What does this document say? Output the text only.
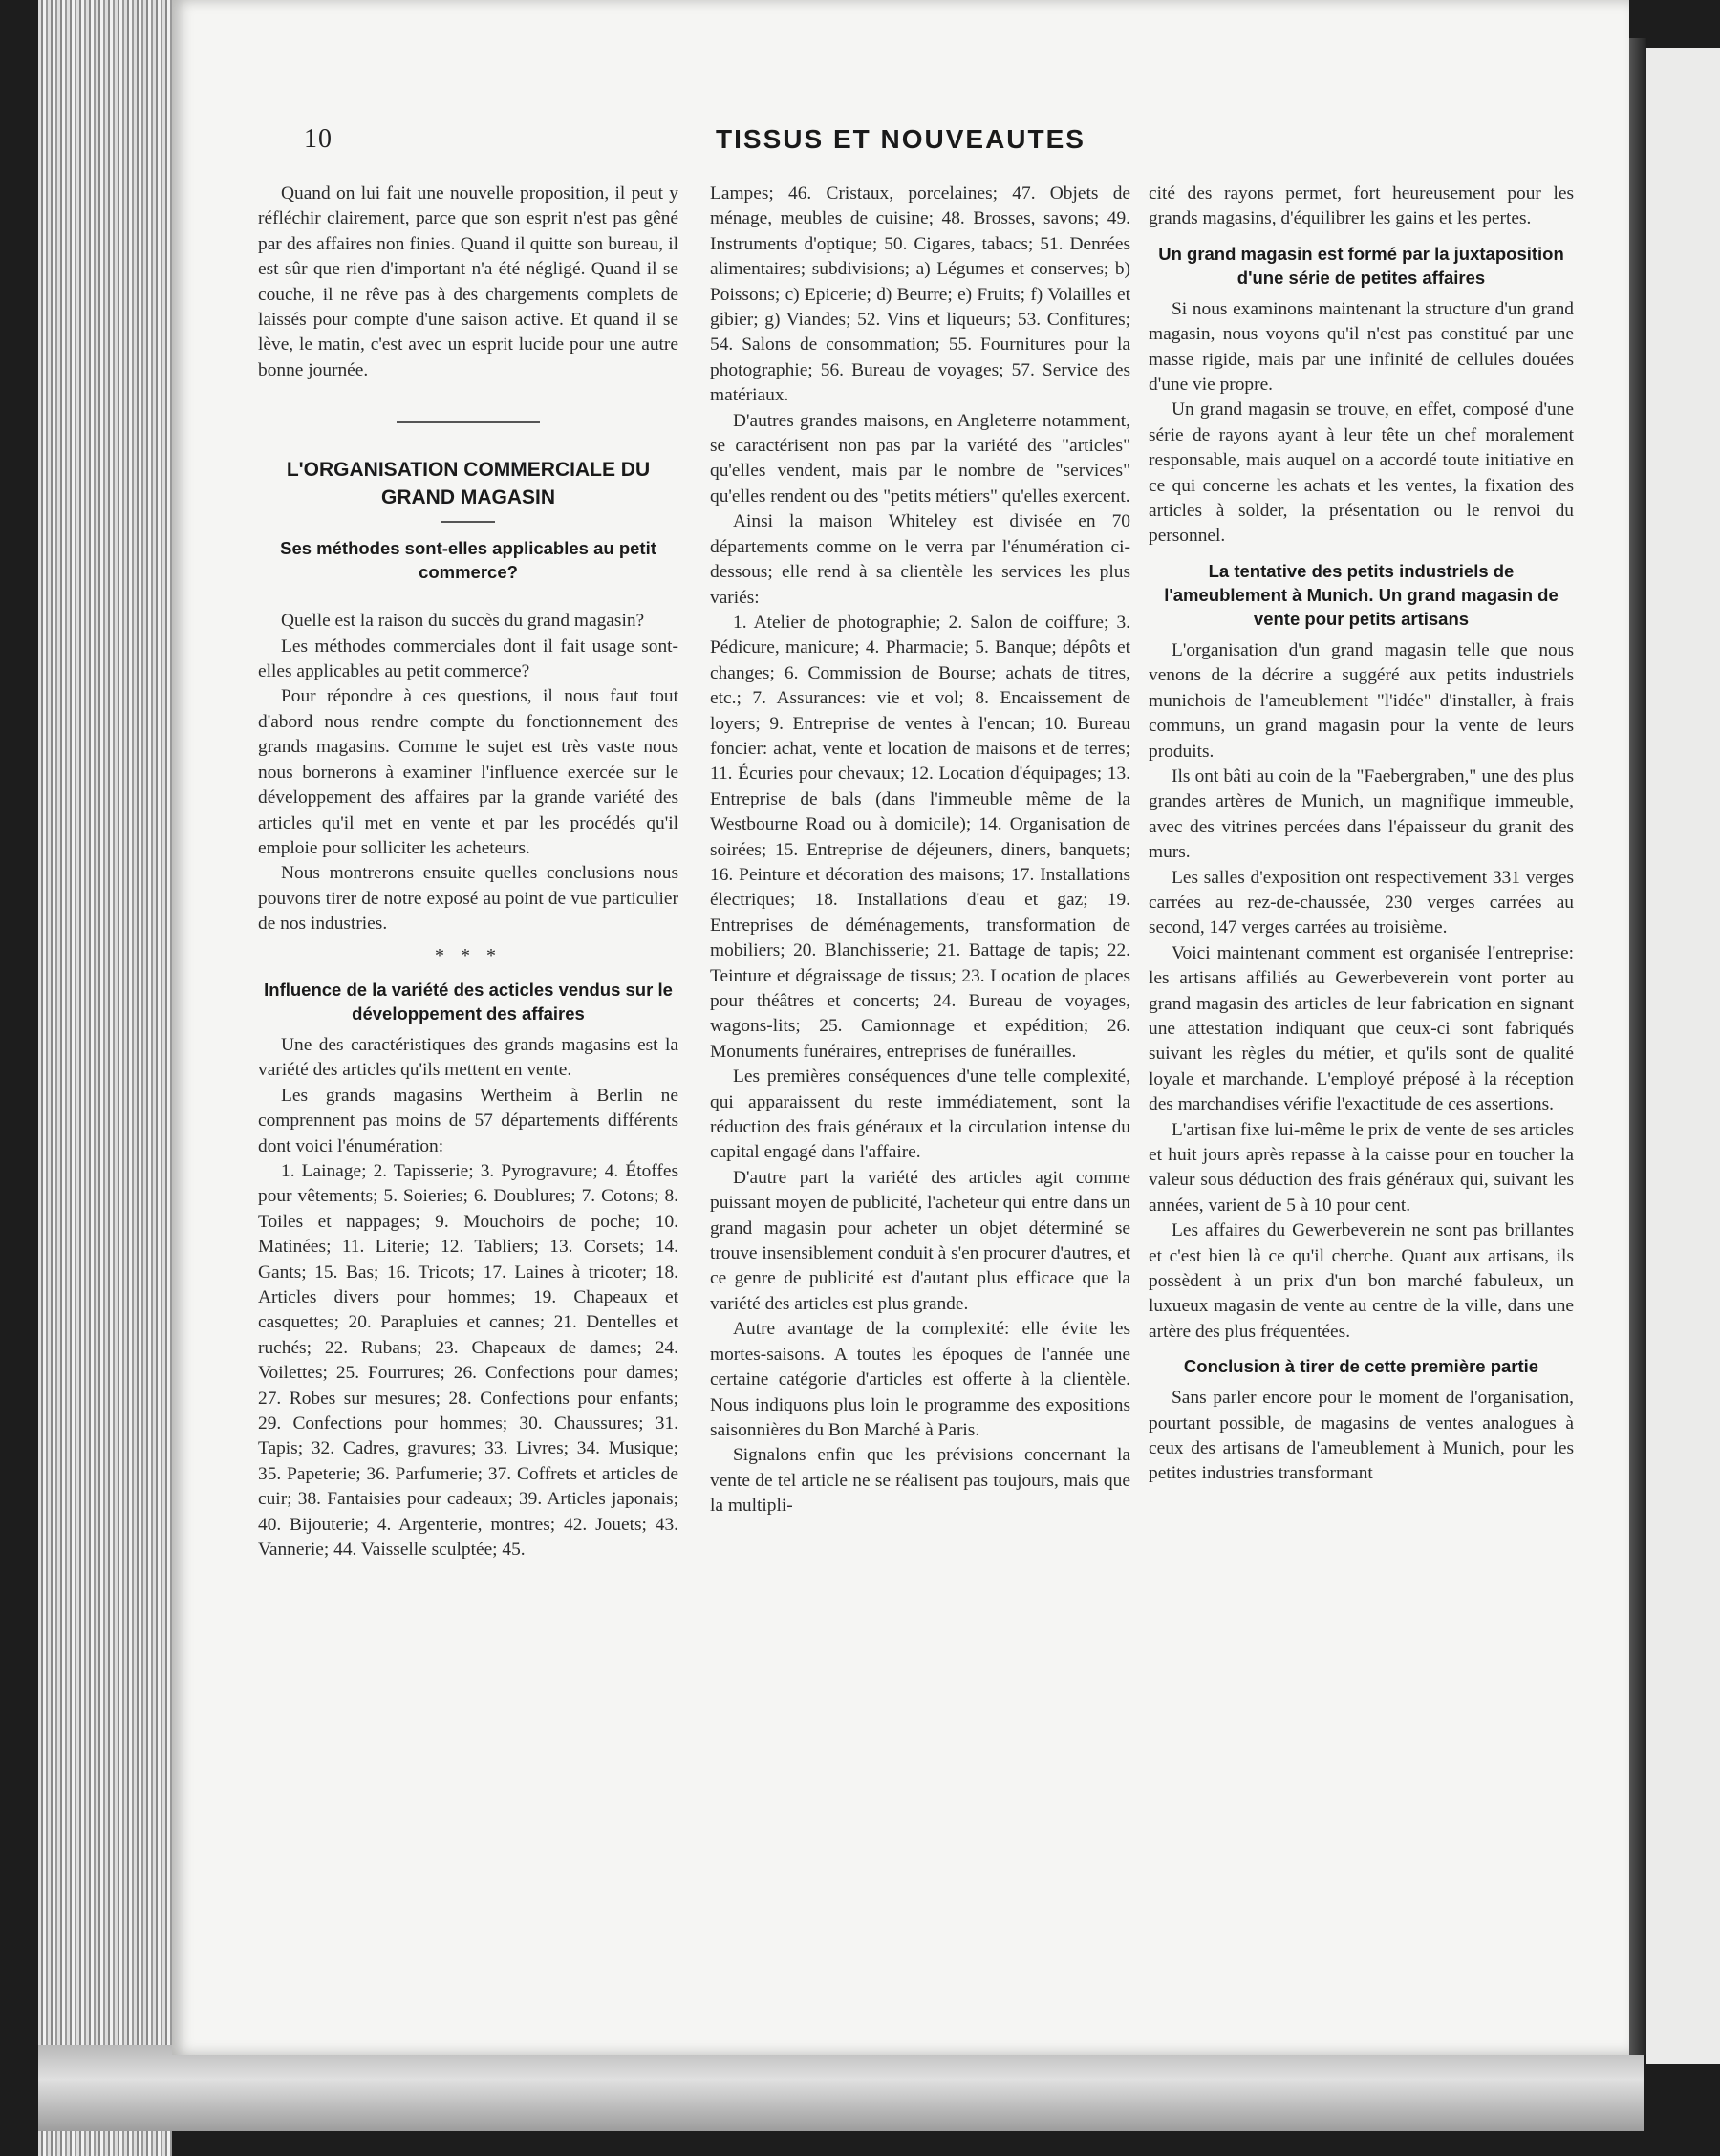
10	TISSUS ET NOUVEAUTES

Quand on lui fait une nouvelle proposition, il peut y réfléchir clairement, parce que son esprit n'est pas gêné par des affaires non finies. Quand il quitte son bureau, il est sûr que rien d'important n'a été négligé. Quand il se couche, il ne rêve pas à des chargements complets de laissés pour compte d'une saison active. Et quand il se lève, le matin, c'est avec un esprit lucide pour une autre bonne journée.

L'ORGANISATION COMMERCIALE DU GRAND MAGASIN
Ses méthodes sont-elles applicables au petit commerce?

Quelle est la raison du succès du grand magasin?

Les méthodes commerciales dont il fait usage sont-elles applicables au petit commerce?

Pour répondre à ces questions, il nous faut tout d'abord nous rendre compte du fonctionnement des grands magasins. Comme le sujet est très vaste nous nous bornerons à examiner l'influence exercée sur le développement des affaires par la grande variété des articles qu'il met en vente et par les procédés qu'il emploie pour solliciter les acheteurs.

Nous montrerons ensuite quelles conclusions nous pouvons tirer de notre exposé au point de vue particulier de nos industries.

* * *
Influence de la variété des acticles vendus sur le développement des affaires

Une des caractéristiques des grands magasins est la variété des articles qu'ils mettent en vente.

Les grands magasins Wertheim à Berlin ne comprennent pas moins de 57 départements différents dont voici l'énumération:

1. Lainage; 2. Tapisserie; 3. Pyrogravure; 4. Étoffes pour vêtements; 5. Soieries; 6. Doublures; 7. Cotons; 8. Toiles et nappages; 9. Mouchoirs de poche; 10. Matinées; 11. Literie; 12. Tabliers; 13. Corsets; 14. Gants; 15. Bas; 16. Tricots; 17. Laines à tricoter; 18. Articles divers pour hommes; 19. Chapeaux et casquettes; 20. Parapluies et cannes; 21. Dentelles et ruchés; 22. Rubans; 23. Chapeaux de dames; 24. Voilettes; 25. Fourrures; 26. Confections pour dames; 27. Robes sur mesures; 28. Confections pour enfants; 29. Confections pour hommes; 30. Chaussures; 31. Tapis; 32. Cadres, gravures; 33. Livres; 34. Musique; 35. Papeterie; 36. Parfumerie; 37. Coffrets et articles de cuir; 38. Fantaisies pour cadeaux; 39. Articles japonais; 40. Bijouterie; 4. Argenterie, montres; 42. Jouets; 43. Vannerie; 44. Vaisselle sculptée; 45.

Lampes; 46. Cristaux, porcelaines; 47. Objets de ménage, meubles de cuisine; 48. Brosses, savons; 49. Instruments d'optique; 50. Cigares, tabacs; 51. Denrées alimentaires; subdivisions; a) Légumes et conserves; b) Poissons; c) Epicerie; d) Beurre; e) Fruits; f) Volailles et gibier; g) Viandes; 52. Vins et liqueurs; 53. Confitures; 54. Salons de consommation; 55. Fournitures pour la photographie; 56. Bureau de voyages; 57. Service des matériaux.

D'autres grandes maisons, en Angleterre notamment, se caractérisent non pas par la variété des "articles" qu'elles vendent, mais par le nombre de "services" qu'elles rendent ou des "petits métiers" qu'elles exercent.

Ainsi la maison Whiteley est divisée en 70 départements comme on le verra par l'énumération ci-dessous; elle rend à sa clientèle les services les plus variés:

1. Atelier de photographie; 2. Salon de coiffure; 3. Pédicure, manicure; 4. Pharmacie; 5. Banque; dépôts et changes; 6. Commission de Bourse; achats de titres, etc.; 7. Assurances: vie et vol; 8. Encaissement de loyers; 9. Entreprise de ventes à l'encan; 10. Bureau foncier: achat, vente et location de maisons et de terres; 11. Écuries pour chevaux; 12. Location d'équipages; 13. Entreprise de bals (dans l'immeuble même de la Westbourne Road ou à domicile); 14. Organisation de soirées; 15. Entreprise de déjeuners, diners, banquets; 16. Peinture et décoration des maisons; 17. Installations électriques; 18. Installations d'eau et gaz; 19. Entreprises de déménagements, transformation de mobiliers; 20. Blanchisserie; 21. Battage de tapis; 22. Teinture et dégraissage de tissus; 23. Location de places pour théâtres et concerts; 24. Bureau de voyages, wagons-lits; 25. Camionnage et expédition; 26. Monuments funéraires, entreprises de funérailles.

Les premières conséquences d'une telle complexité, qui apparaissent du reste immédiatement, sont la réduction des frais généraux et la circulation intense du capital engagé dans l'affaire.

D'autre part la variété des articles agit comme puissant moyen de publicité, l'acheteur qui entre dans un grand magasin pour acheter un objet déterminé se trouve insensiblement conduit à s'en procurer d'autres, et ce genre de publicité est d'autant plus efficace que la variété des articles est plus grande.

Autre avantage de la complexité: elle évite les mortes-saisons. A toutes les époques de l'année une certaine catégorie d'articles est offerte à la clientèle. Nous indiquons plus loin le programme des expositions saisonnières du Bon Marché à Paris.

Signalons enfin que les prévisions concernant la vente de tel article ne se réalisent pas toujours, mais que la multipli-

cité des rayons permet, fort heureusement pour les grands magasins, d'équilibrer les gains et les pertes.

Un grand magasin est formé par la juxtaposition d'une série de petites affaires

Si nous examinons maintenant la structure d'un grand magasin, nous voyons qu'il n'est pas constitué par une masse rigide, mais par une infinité de cellules douées d'une vie propre.

Un grand magasin se trouve, en effet, composé d'une série de rayons ayant à leur tête un chef moralement responsable, mais auquel on a accordé toute initiative en ce qui concerne les achats et les ventes, la fixation des articles à solder, la présentation ou le renvoi du personnel.

La tentative des petits industriels de l'ameublement à Munich. Un grand magasin de vente pour petits artisans

L'organisation d'un grand magasin telle que nous venons de la décrire a suggéré aux petits industriels munichois de l'ameublement "l'idée" d'installer, à frais communs, un grand magasin pour la vente de leurs produits.

Ils ont bâti au coin de la "Faebergraben," une des plus grandes artères de Munich, un magnifique immeuble, avec des vitrines percées dans l'épaisseur du granit des murs.

Les salles d'exposition ont respectivement 331 verges carrées au rez-de-chaussée, 230 verges carrées au second, 147 verges carrées au troisième.

Voici maintenant comment est organisée l'entreprise: les artisans affiliés au Gewerbeverein vont porter au grand magasin des articles de leur fabrication en signant une attestation indiquant que ceux-ci sont fabriqués suivant les règles du métier, et qu'ils sont de qualité loyale et marchande. L'employé préposé à la réception des marchandises vérifie l'exactitude de ces assertions.

L'artisan fixe lui-même le prix de vente de ses articles et huit jours après repasse à la caisse pour en toucher la valeur sous déduction des frais généraux qui, suivant les années, varient de 5 à 10 pour cent.

Les affaires du Gewerbeverein ne sont pas brillantes et c'est bien là ce qu'il cherche. Quant aux artisans, ils possèdent à un prix d'un bon marché fabuleux, un luxueux magasin de vente au centre de la ville, dans une artère des plus fréquentées.

Conclusion à tirer de cette première partie

Sans parler encore pour le moment de l'organisation, pourtant possible, de magasins de ventes analogues à ceux des artisans de l'ameublement à Munich, pour les petites industries transformant
